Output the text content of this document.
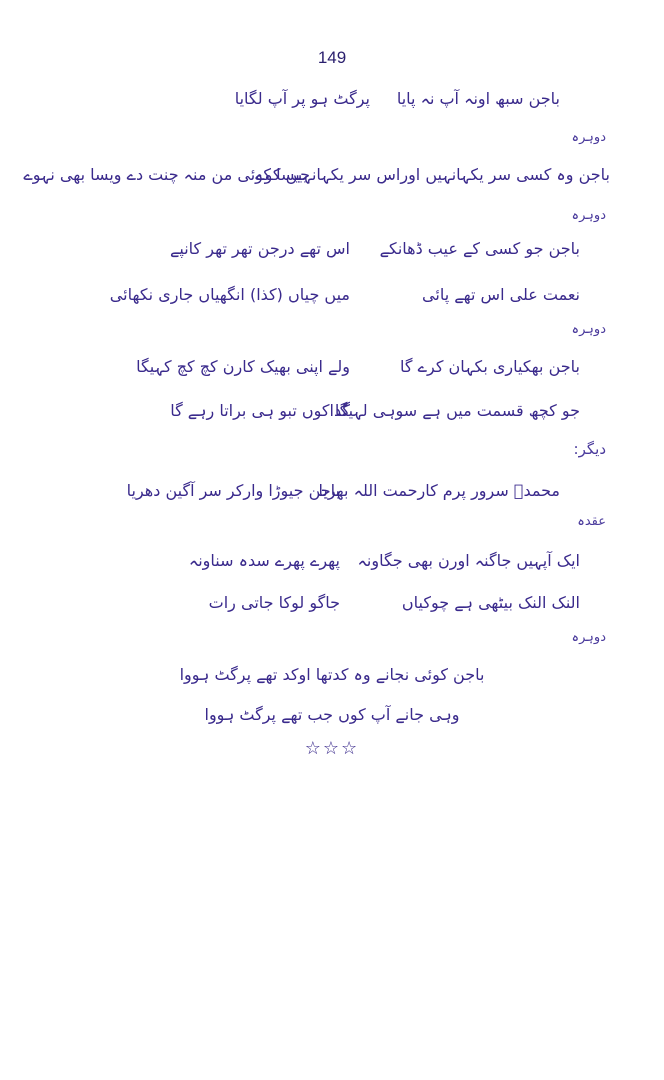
149
باجن سبھ اونہ آپ نہ پایا
پرگٹ ہو پر آپ لگایا
دوہرہ
باجن وہ کسی سر یکہانہیں اوراس سر یکہانہیں کوے
جیسا کوئی من منہ چنت دے ویسا بھی نہوے
دوہرہ
باجن جو کسی کے عیب ڈھانکے
اس تھے درجن تھر تھر کانپے
نعمت علی اس تھے پائی
میں چیاں (کذا) انگھیاں جاری نکھائی
دوہرہ
باجن بھکیاری بکہان کرے گا
ولے اپنی بھیک کارن کچ کچ کہیگا
جو کچھ قسمت میں ہے سوہی لہیگا
گداکوں تبو ہی براتا رہے گا
دیگر:
محمدؐ سرور پرم کارحمت اللہ بھریا
باجن جیوڑا وارکر سر آگین دھریا
عقدہ
ایک آپہیں جاگنہ اورن بھی جگاونہ
پھرے پھرے سدہ سناونہ
النک النک بیٹھی ہے چوکیاں
جاگو لوکا جاتی رات
دوہرہ
باجن کوئی نجانے وہ کدتھا اوکد تھے پرگٹ ہووا
وہی جانے آپ کوں جب تھے پرگٹ ہووا
☆☆☆
